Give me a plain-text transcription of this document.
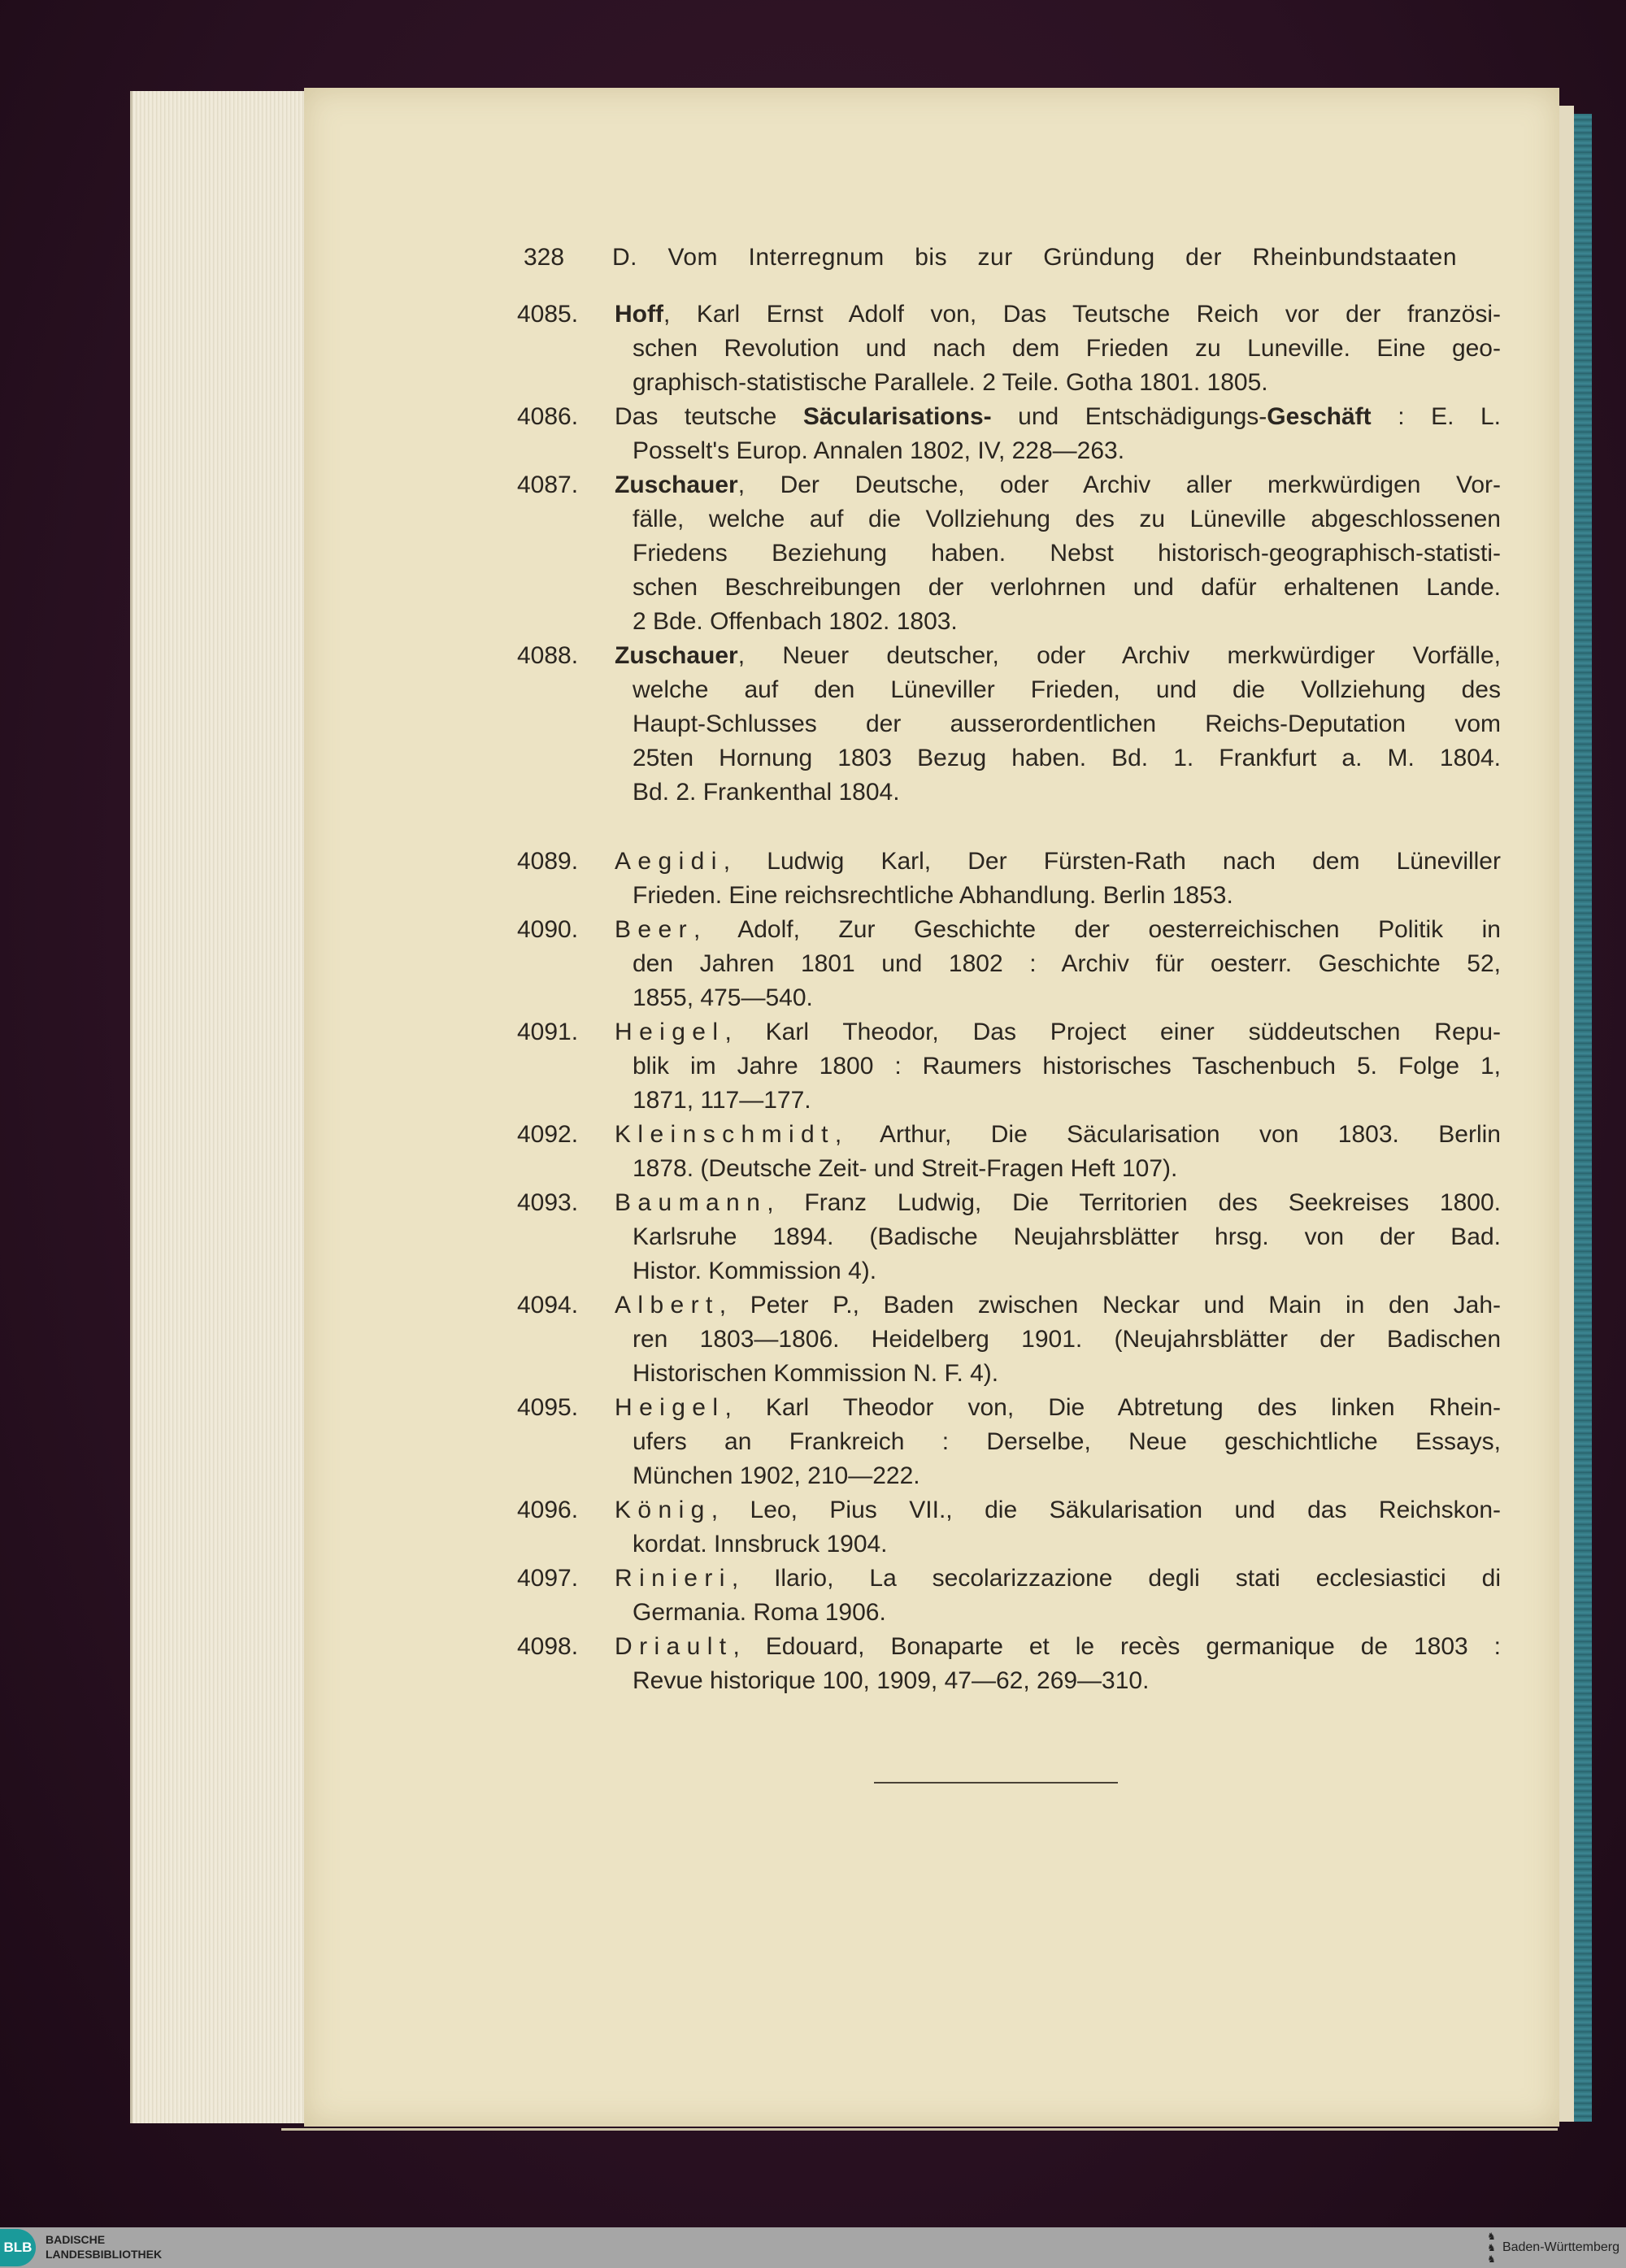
328 D. Vom Interregnum bis zur Gründung der Rheinbundstaaten
4085. Hoff, Karl Ernst Adolf von, Das Teutsche Reich vor der französi-
schen Revolution und nach dem Frieden zu Luneville. Eine geo-
graphisch-statistische Parallele. 2 Teile. Gotha 1801. 1805.
4086. Das teutsche Säcularisations- und Entschädigungs-Geschäft : E. L.
Posselt's Europ. Annalen 1802, IV, 228—263.
4087. Zuschauer, Der Deutsche, oder Archiv aller merkwürdigen Vor-
fälle, welche auf die Vollziehung des zu Lüneville abgeschlossenen
Friedens Beziehung haben. Nebst historisch-geographisch-statisti-
schen Beschreibungen der verlohrnen und dafür erhaltenen Lande.
2 Bde. Offenbach 1802. 1803.
4088. Zuschauer, Neuer deutscher, oder Archiv merkwürdiger Vorfälle,
welche auf den Lüneviller Frieden, und die Vollziehung des
Haupt-Schlusses der ausserordentlichen Reichs-Deputation vom
25ten Hornung 1803 Bezug haben. Bd. 1. Frankfurt a. M. 1804.
Bd. 2. Frankenthal 1804.
4089. Aegidi, Ludwig Karl, Der Fürsten-Rath nach dem Lüneviller
Frieden. Eine reichsrechtliche Abhandlung. Berlin 1853.
4090. Beer, Adolf, Zur Geschichte der oesterreichischen Politik in
den Jahren 1801 und 1802 : Archiv für oesterr. Geschichte 52,
1855, 475—540.
4091. Heigel, Karl Theodor, Das Project einer süddeutschen Repu-
blik im Jahre 1800 : Raumers historisches Taschenbuch 5. Folge 1,
1871, 117—177.
4092. Kleinschmidt, Arthur, Die Säcularisation von 1803. Berlin
1878. (Deutsche Zeit- und Streit-Fragen Heft 107).
4093. Baumann, Franz Ludwig, Die Territorien des Seekreises 1800.
Karlsruhe 1894. (Badische Neujahrsblätter hrsg. von der Bad.
Histor. Kommission 4).
4094. Albert, Peter P., Baden zwischen Neckar und Main in den Jah-
ren 1803—1806. Heidelberg 1901. (Neujahrsblätter der Badischen
Historischen Kommission N. F. 4).
4095. Heigel, Karl Theodor von, Die Abtretung des linken Rhein-
ufers an Frankreich : Derselbe, Neue geschichtliche Essays,
München 1902, 210—222.
4096. König, Leo, Pius VII., die Säkularisation und das Reichskon-
kordat. Innsbruck 1904.
4097. Rinieri, Ilario, La secolarizzazione degli stati ecclesiastici di
Germania. Roma 1906.
4098. Driault, Edouard, Bonaparte et le recès germanique de 1803 :
Revue historique 100, 1909, 47—62, 269—310.
BLB	BADISCHE
LANDESBIBLIOTHEK
♞
♞
♞
Baden-Württemberg
